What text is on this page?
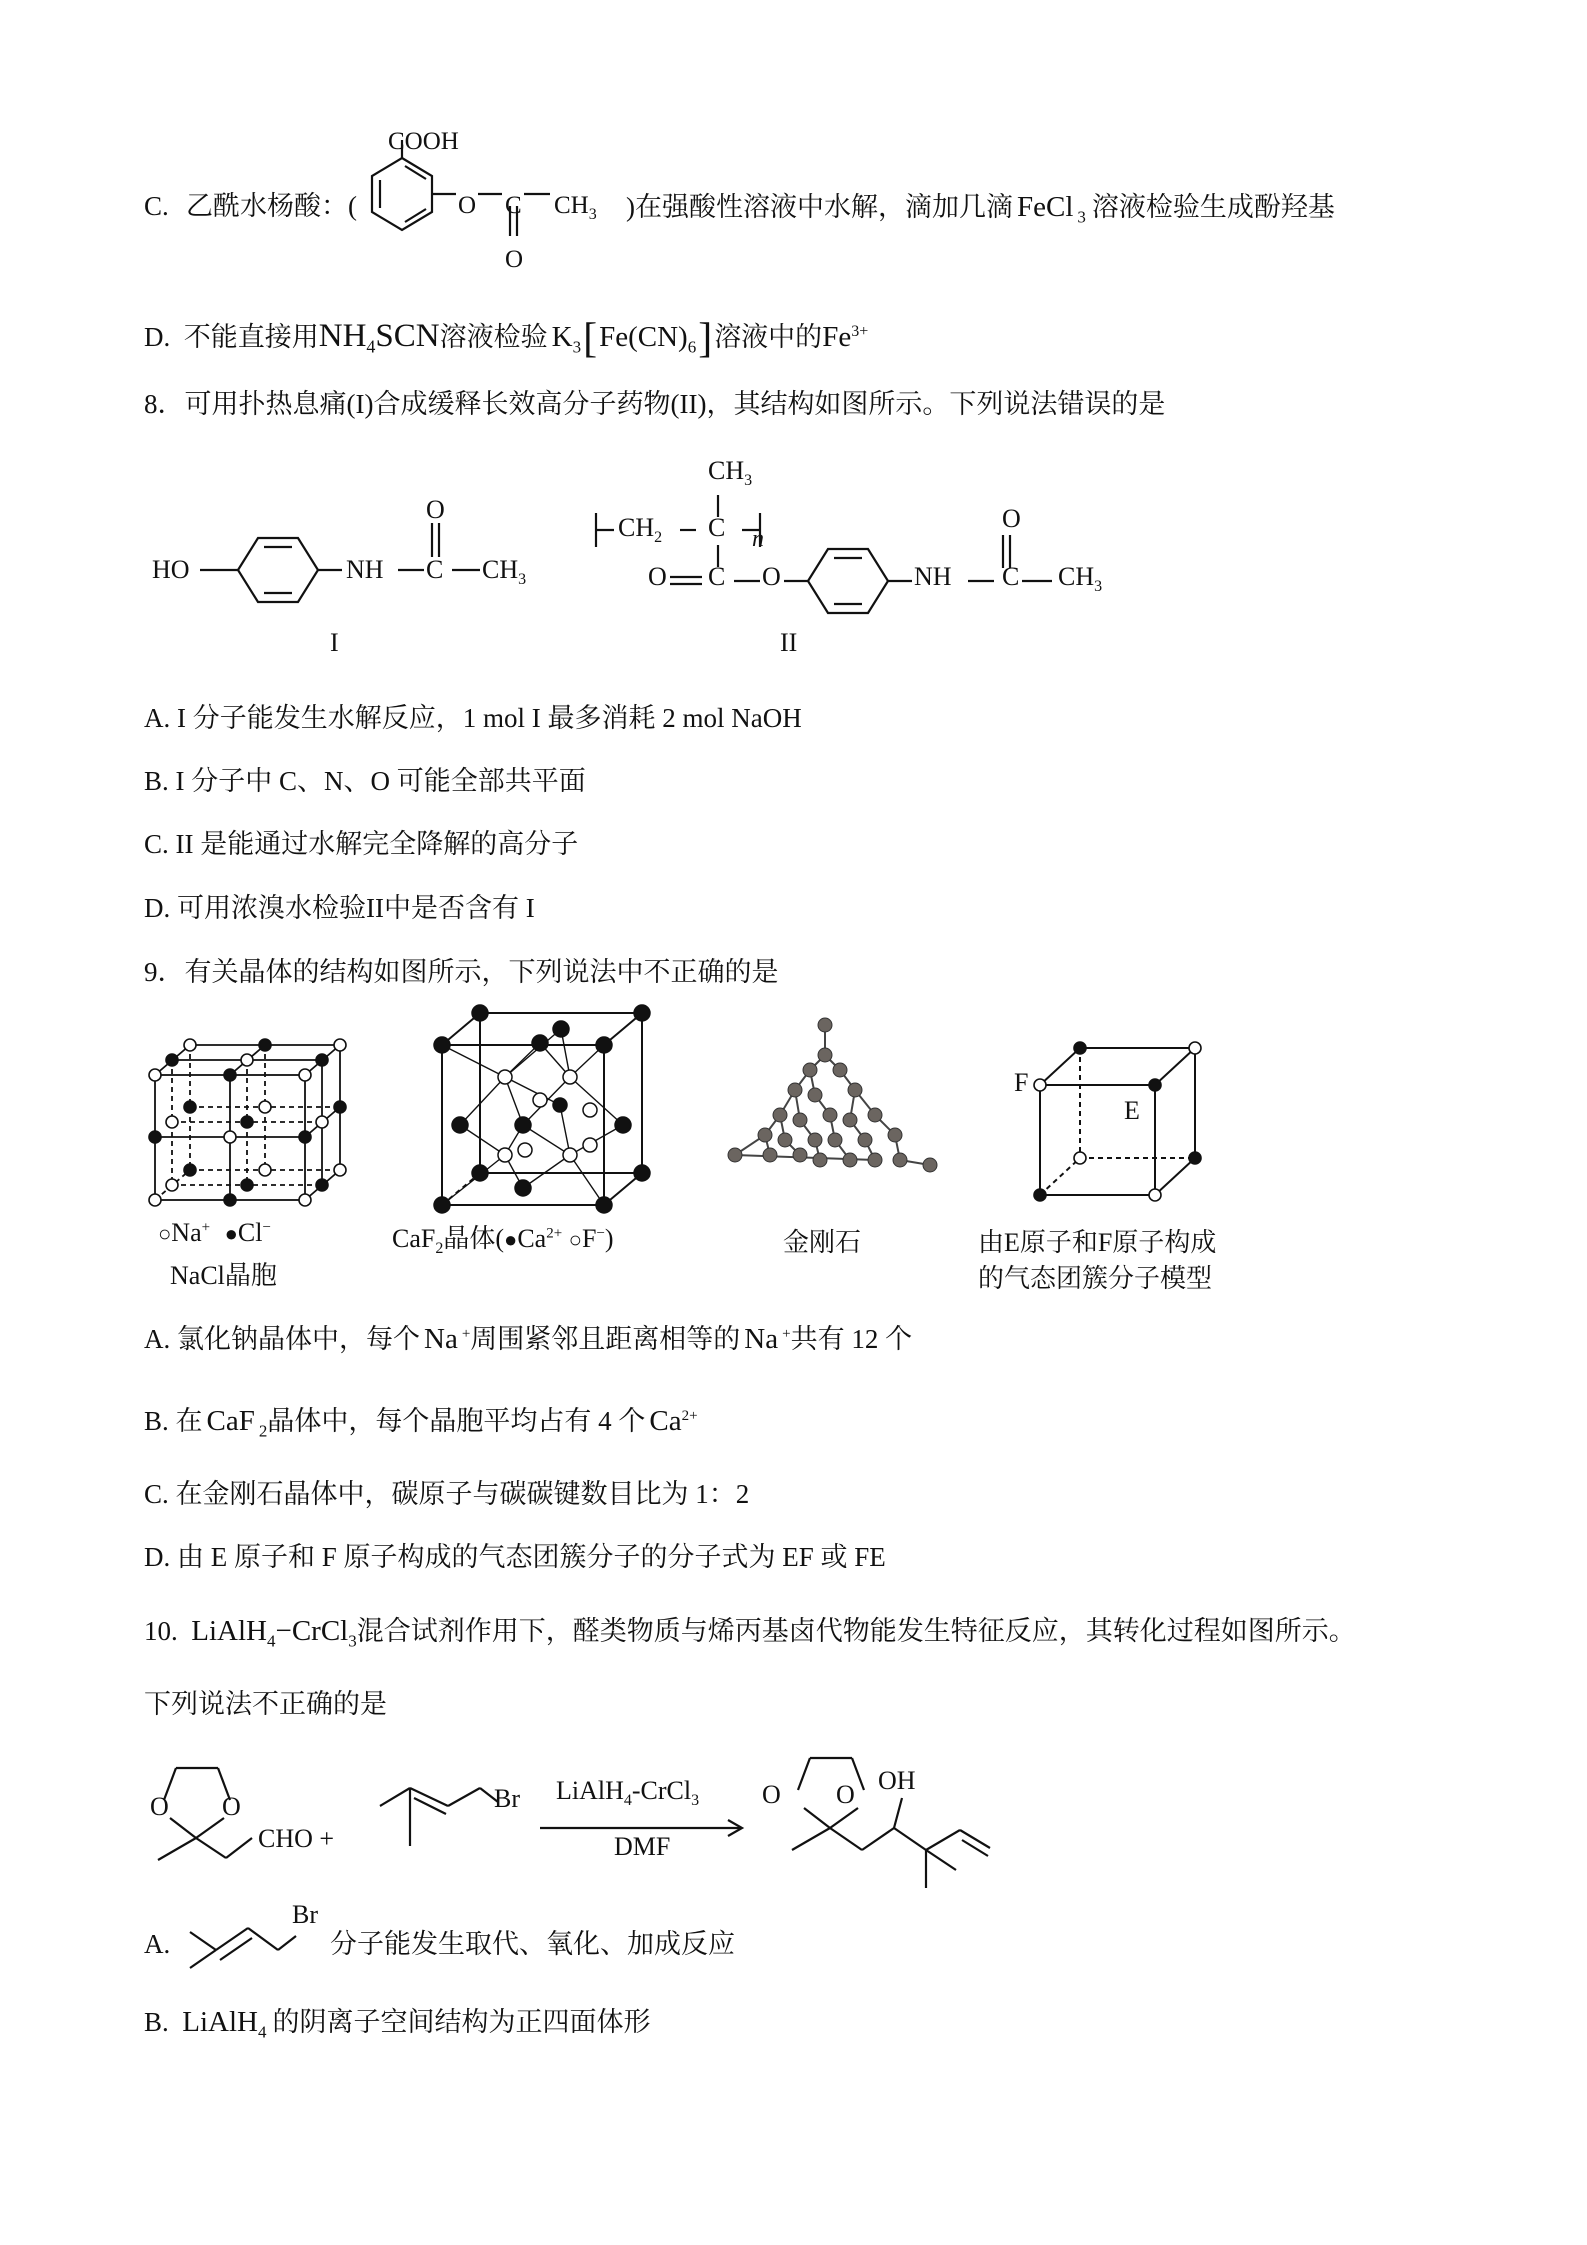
C. 乙酰水杨酸：(
COOH
O C $CH_3$
O
)在强酸性溶液中水解，滴加几滴 FeCl $_3$ 溶液检验生成酚羟基
D. 不能直接用$NH_4SCN$溶液检验 $K_3[Fe(CN)_6]$溶液中的$Fe^{3+}$
8．可用扑热息痛(I)合成缓释长效高分子药物(II)，其结构如图所示。下列说法错误的是
HO	NH C
O
$CH_3$
I
$CH_3$
$CH_2$ C n
O C O	NH
O
C $CH_3$
II
A. I 分子能发生水解反应，1 mol I 最多消耗 2 mol NaOH
B. I 分子中 C、N、O 可能全部共平面
C. II 是能通过水解完全降解的高分子
D. 可用浓溴水检验II中是否含有 I
9．有关晶体的结构如图所示，下列说法中不正确的是
○Na+ ●Cl−
NaCl晶胞
CaF$_2$晶体($●Ca^{2+}$ ○F−)	金刚石
F
E
由E原子和F原子构成
的气态团簇分子模型
A. 氯化钠晶体中，每个 Na +周围紧邻且距离相等的 Na +共有 12 个
B. 在 CaF $_2$晶体中，每个晶胞平均占有 4 个 $Ca^{2+}$
C. 在金刚石晶体中，碳原子与碳碳键数目比为 1：2
D. 由 E 原子和 F 原子构成的气态团簇分子的分子式为 EF 或 FE
10. LiAlH$_4$−CrCl$_3$混合试剂作用下，醛类物质与烯丙基卤代物能发生特征反应，其转化过程如图所示。
下列说法不正确的是
O O
CHO +
Br LiAlH$_4$-CrCl$_3$
DMF
O O OH
A.
Br
分子能发生取代、氧化、加成反应
B. LiAlH$_4$ 的阴离子空间结构为正四面体形
